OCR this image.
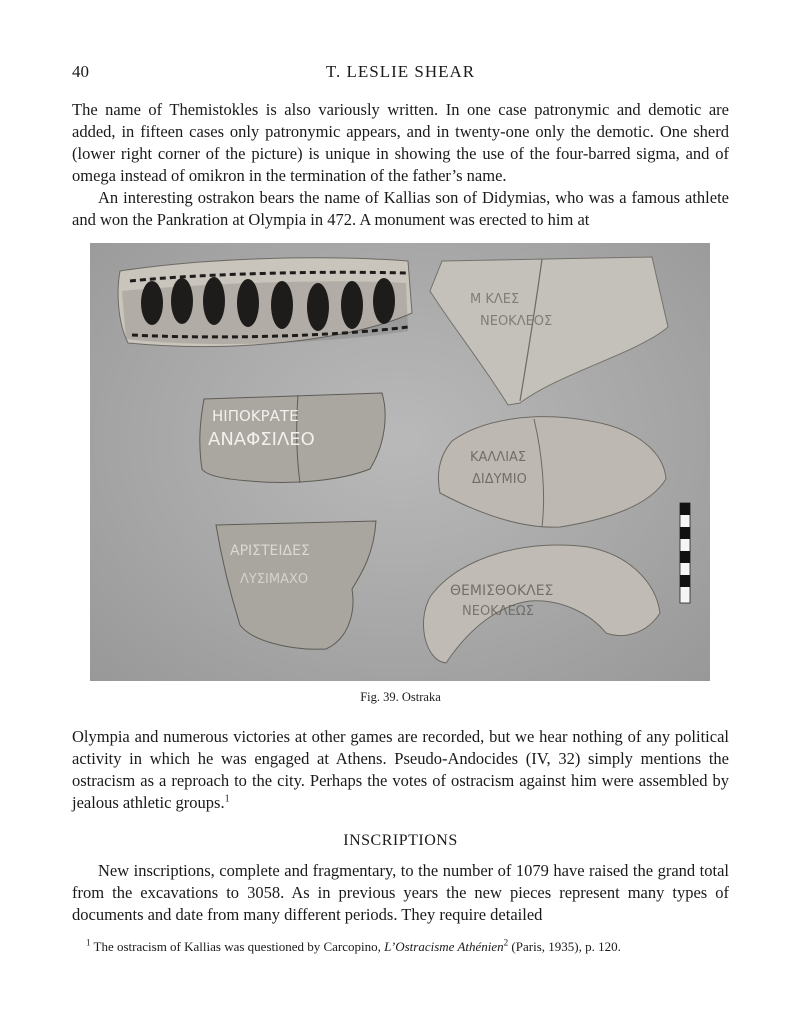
40	T. LESLIE SHEAR

The name of Themistokles is also variously written. In one case patronymic and demotic are added, in fifteen cases only patronymic appears, and in twenty-one only the demotic. One sherd (lower right corner of the picture) is unique in showing the use of the four-barred sigma, and of omega instead of omikron in the termination of the father’s name.

An interesting ostrakon bears the name of Kallias son of Didymias, who was a famous athlete and won the Pankration at Olympia in 472. A monument was erected to him at

Μ ΚΛΕΣ
ΝΕΟΚΛΕΟΣ
ΗΙΠΟΚΡΑΤΕ
ΑΝΑΦΣΙΛΕΟ
ΚΑΛΛΙΑΣ
ΔΙΔΥΜΙΟ
ΑΡΙΣΤΕΙΔΕΣ
ΛΥΣΙΜΑΧΟ
ΘΕΜΙΣΘΟΚΛΕΣ
ΝΕΟΚΛΕΩΣ
Fig. 39. Ostraka

Olympia and numerous victories at other games are recorded, but we hear nothing of any political activity in which he was engaged at Athens. Pseudo-Andocides (IV, 32) simply mentions the ostracism as a reproach to the city. Perhaps the votes of ostracism against him were assembled by jealous athletic groups.$^1$

INSCRIPTIONS

New inscriptions, complete and fragmentary, to the number of 1079 have raised the grand total from the excavations to 3058. As in previous years the new pieces represent many types of documents and date from many different periods. They require detailed

$^1$ The ostracism of Kallias was questioned by Carcopino, L’Ostracisme Athénien$^2$ (Paris, 1935), p. 120.
